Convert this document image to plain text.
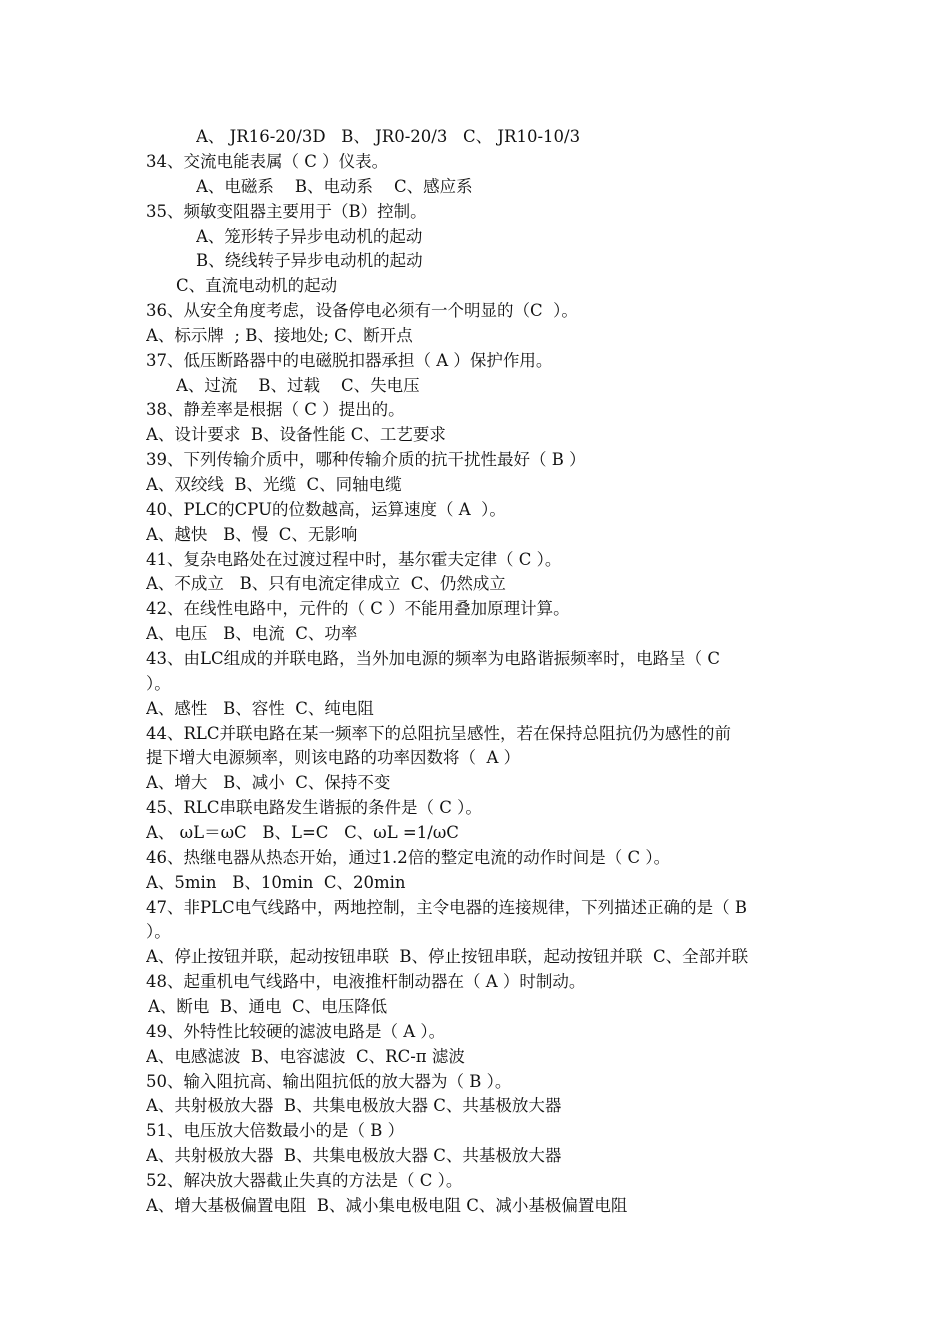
A、 JR16-20/3D   B、 JR0-20/3   C、 JR10-10/3
34、交流电能表属（ C ）仪表。
A、电磁系    B、电动系    C、感应系
35、频敏变阻器主要用于（B）控制。
A、笼形转子异步电动机的起动
B、绕线转子异步电动机的起动
C、直流电动机的起动
36、从安全角度考虑，设备停电必须有一个明显的（C  ）。
A、标示牌  ; B、接地处; C、断开点
37、低压断路器中的电磁脱扣器承担（ A ）保护作用。
A、过流    B、过载    C、失电压
38、静差率是根据（ C ）提出的。
A、设计要求  B、设备性能 C、工艺要求
39、下列传输介质中，哪种传输介质的抗干扰性最好（ B ）
A、双绞线  B、光缆  C、同轴电缆
40、PLC的CPU的位数越高，运算速度（ A  ）。
A、越快   B、慢  C、无影响
41、复杂电路处在过渡过程中时，基尔霍夫定律（ C ）。
A、不成立   B、只有电流定律成立  C、仍然成立
42、在线性电路中，元件的（ C ）不能用叠加原理计算。
A、电压   B、电流  C、功率
43、由LC组成的并联电路，当外加电源的频率为电路谐振频率时，电路呈（ C
）。
A、感性   B、容性  C、纯电阻
44、RLC并联电路在某一频率下的总阻抗呈感性，若在保持总阻抗仍为感性的前
提下增大电源频率，则该电路的功率因数将（  A ）
A、增大   B、减小  C、保持不变
45、RLC串联电路发生谐振的条件是（ C ）。
A、 ωL＝ωC   B、L=C   C、ωL =1/ωC
46、热继电器从热态开始，通过1.2倍的整定电流的动作时间是（ C ）。
A、5min   B、10min  C、20min
47、非PLC电气线路中，两地控制，主令电器的连接规律，下列描述正确的是（ B
）。
A、停止按钮并联，起动按钮串联  B、停止按钮串联，起动按钮并联  C、全部并联
48、起重机电气线路中，电液推杆制动器在（ A ）时制动。
A、断电  B、通电  C、电压降低
49、外特性比较硬的滤波电路是（ A ）。
A、电感滤波  B、电容滤波  C、RC-π 滤波
50、输入阻抗高、输出阻抗低的放大器为（ B ）。
A、共射极放大器  B、共集电极放大器 C、共基极放大器
51、电压放大倍数最小的是（ B ）
A、共射极放大器  B、共集电极放大器 C、共基极放大器
52、解决放大器截止失真的方法是（ C ）。
A、增大基极偏置电阻  B、减小集电极电阻 C、减小基极偏置电阻
